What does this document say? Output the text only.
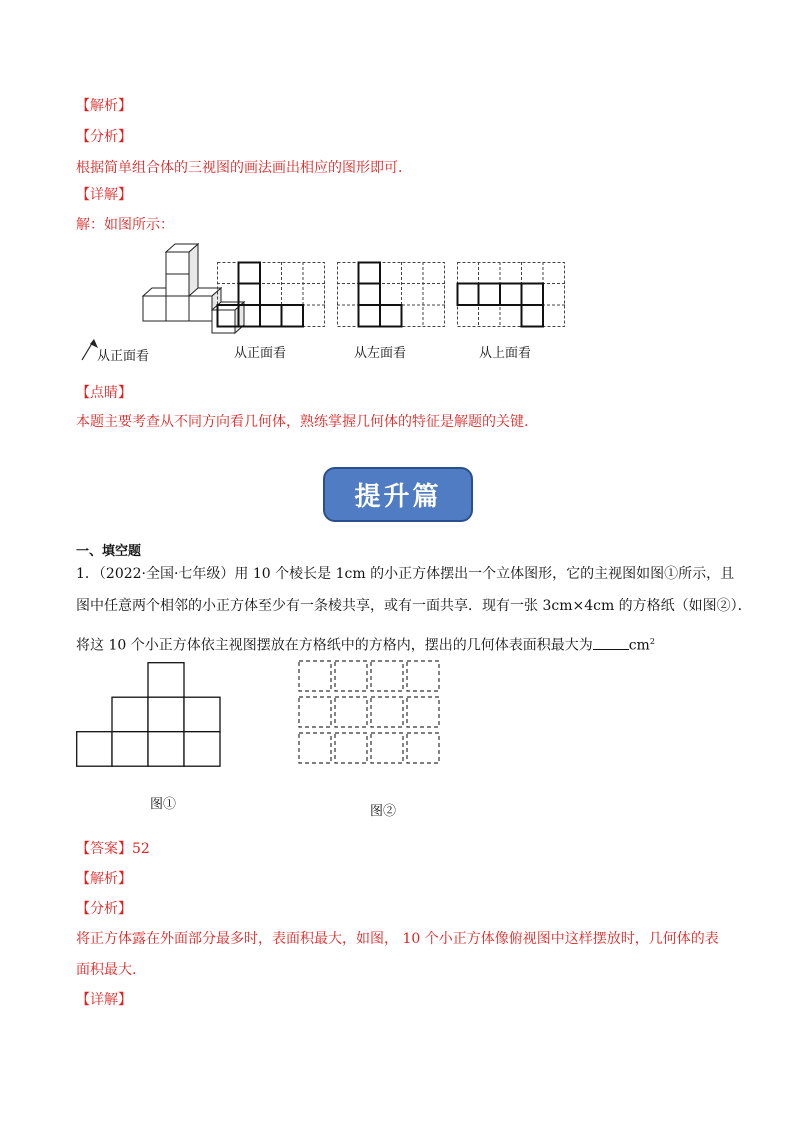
【解析】
【分析】
根据简单组合体的三视图的画法画出相应的图形即可.
【详解】
解：如图所示：
从正面看	从正面看	从左面看	从上面看
【点睛】
本题主要考查从不同方向看几何体，熟练掌握几何体的特征是解题的关键.
提升篇
一、填空题
1．（2022·全国·七年级）用 10 个棱长是 1cm 的小正方体摆出一个立体图形，它的主视图如图①所示，且
图中任意两个相邻的小正方体至少有一条棱共享，或有一面共享．现有一张 3cm×4cm 的方格纸（如图②）．
将这 10 个小正方体依主视图摆放在方格纸中的方格内，摆出的几何体表面积最大为	$cm^2$
图①	图②
【答案】52
【解析】
【分析】
将正方体露在外面部分最多时，表面积最大，如图， 10 个小正方体像俯视图中这样摆放时，几何体的表
面积最大.
【详解】
